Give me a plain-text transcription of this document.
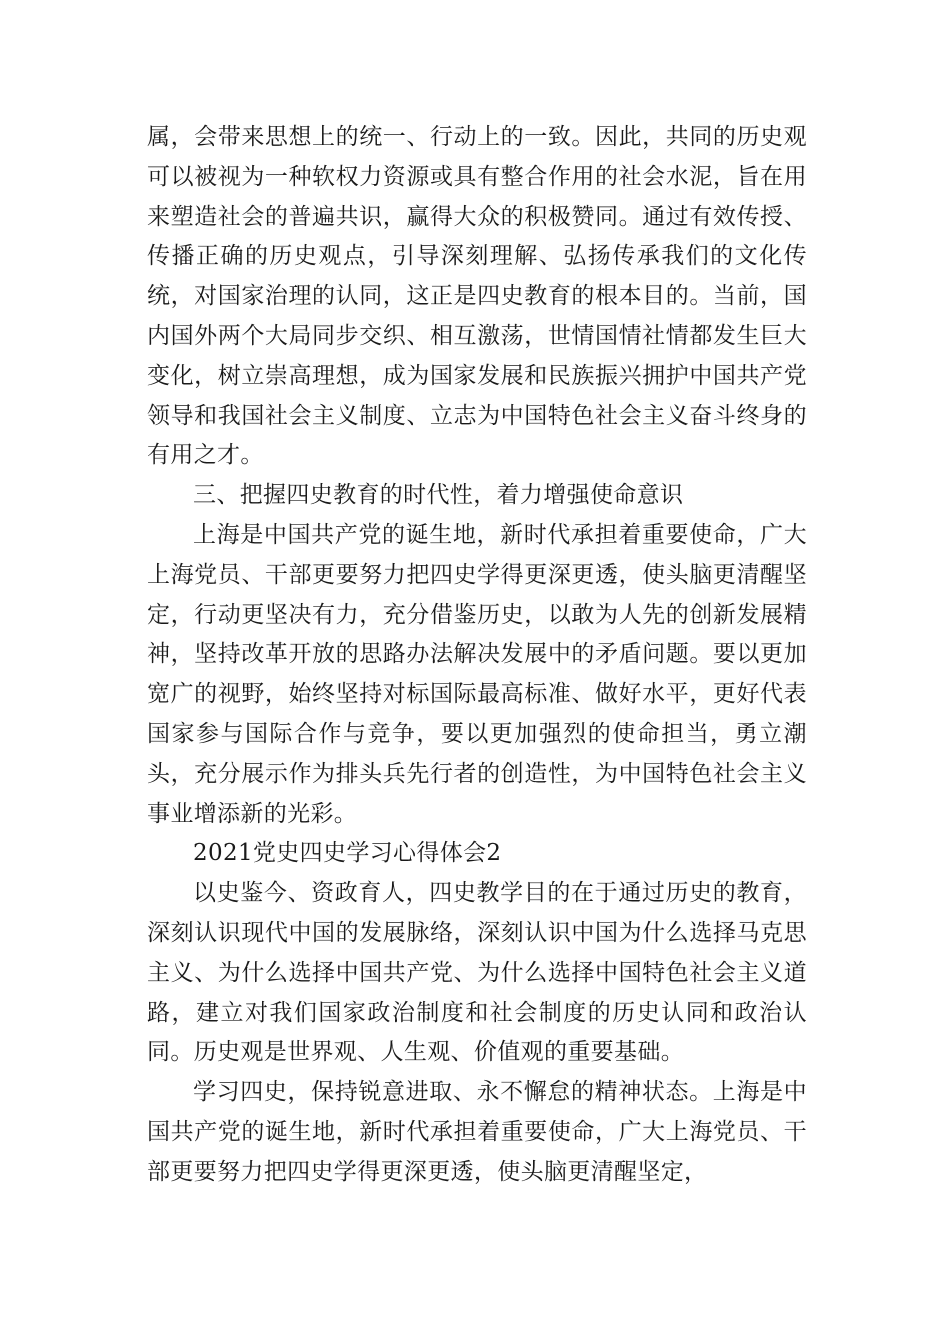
属，会带来思想上的统一、行动上的一致。因此，共同的历史观可以被视为一种软权力资源或具有整合作用的社会水泥，旨在用来塑造社会的普遍共识，赢得大众的积极赞同。通过有效传授、传播正确的历史观点，引导深刻理解、弘扬传承我们的文化传统，对国家治理的认同，这正是四史教育的根本目的。当前，国内国外两个大局同步交织、相互激荡，世情国情社情都发生巨大变化，树立崇高理想，成为国家发展和民族振兴拥护中国共产党领导和我国社会主义制度、立志为中国特色社会主义奋斗终身的有用之才。

三、把握四史教育的时代性，着力增强使命意识

上海是中国共产党的诞生地，新时代承担着重要使命，广大上海党员、干部更要努力把四史学得更深更透，使头脑更清醒坚定，行动更坚决有力，充分借鉴历史，以敢为人先的创新发展精神，坚持改革开放的思路办法解决发展中的矛盾问题。要以更加宽广的视野，始终坚持对标国际最高标准、做好水平，更好代表国家参与国际合作与竞争，要以更加强烈的使命担当，勇立潮头，充分展示作为排头兵先行者的创造性，为中国特色社会主义事业增添新的光彩。

2021党史四史学习心得体会2

以史鉴今、资政育人，四史教学目的在于通过历史的教育，深刻认识现代中国的发展脉络，深刻认识中国为什么选择马克思主义、为什么选择中国共产党、为什么选择中国特色社会主义道路，建立对我们国家政治制度和社会制度的历史认同和政治认同。历史观是世界观、人生观、价值观的重要基础。

学习四史，保持锐意进取、永不懈怠的精神状态。上海是中国共产党的诞生地，新时代承担着重要使命，广大上海党员、干部更要努力把四史学得更深更透，使头脑更清醒坚定，
